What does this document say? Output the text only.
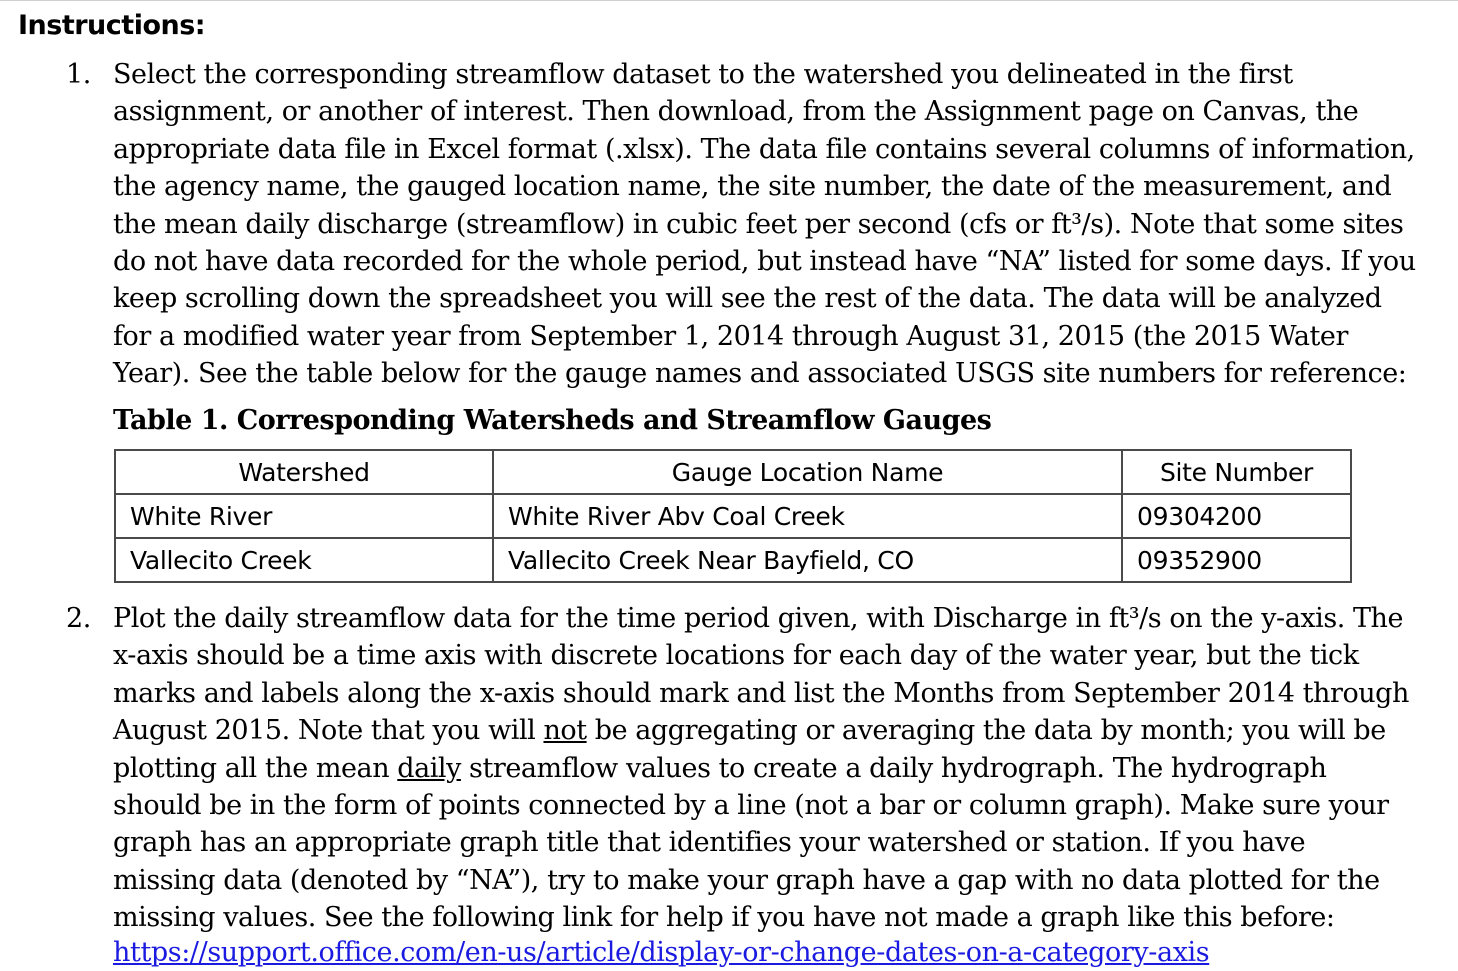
Instructions:
1. Select the corresponding streamflow dataset to the watershed you delineated in the first
assignment, or another of interest. Then download, from the Assignment page on Canvas, the
appropriate data file in Excel format (.xlsx). The data file contains several columns of information,
the agency name, the gauged location name, the site number, the date of the measurement, and
the mean daily discharge (streamflow) in cubic feet per second (cfs or ft³/s). Note that some sites
do not have data recorded for the whole period, but instead have “NA” listed for some days. If you
keep scrolling down the spreadsheet you will see the rest of the data. The data will be analyzed
for a modified water year from September 1, 2014 through August 31, 2015 (the 2015 Water
Year). See the table below for the gauge names and associated USGS site numbers for reference:
Table 1. Corresponding Watersheds and Streamflow Gauges
Watershed	Gauge Location Name	Site Number
White River	White River Abv Coal Creek	09304200
Vallecito Creek	Vallecito Creek Near Bayfield, CO	09352900
2. Plot the daily streamflow data for the time period given, with Discharge in ft³/s on the y-axis. The
x-axis should be a time axis with discrete locations for each day of the water year, but the tick
marks and labels along the x-axis should mark and list the Months from September 2014 through
August 2015. Note that you will not be aggregating or averaging the data by month; you will be
plotting all the mean daily streamflow values to create a daily hydrograph. The hydrograph
should be in the form of points connected by a line (not a bar or column graph). Make sure your
graph has an appropriate graph title that identifies your watershed or station. If you have
missing data (denoted by “NA”), try to make your graph have a gap with no data plotted for the
missing values. See the following link for help if you have not made a graph like this before:
https://support.office.com/en-us/article/display-or-change-dates-on-a-category-axis
